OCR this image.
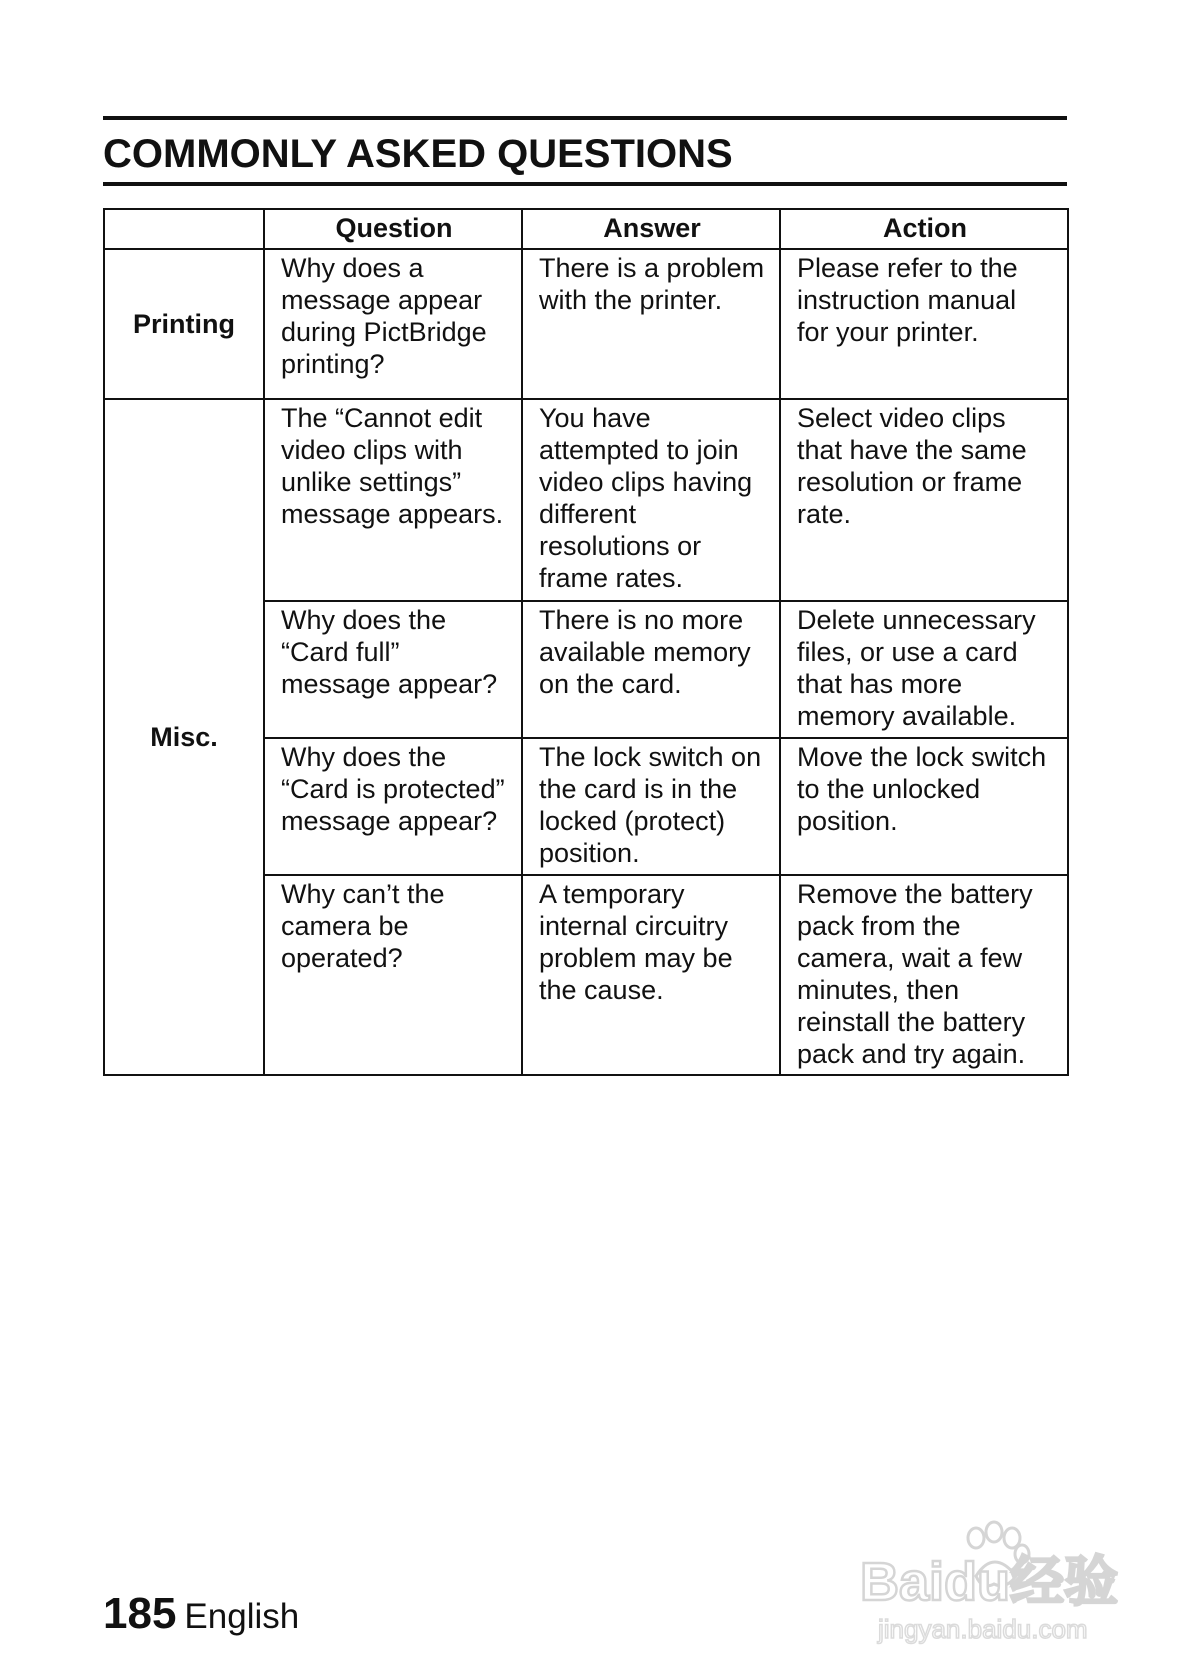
COMMONLY ASKED QUESTIONS
	Question	Answer	Action
Printing	Why does a message appear during PictBridge printing?	There is a problem with the printer.	Please refer to the instruction manual for your printer.
Misc.	The “Cannot edit video clips with unlike settings” message appears.	You have attempted to join video clips having different resolutions or frame rates.	Select video clips that have the same resolution or frame rate.
	Why does the “Card full” message appear?	There is no more available memory on the card.	Delete unnecessary files, or use a card that has more memory available.
	Why does the “Card is protected” message appear?	The lock switch on the card is in the locked (protect) position.	Move the lock switch to the unlocked position.
	Why can’t the camera be operated?	A temporary internal circuitry problem may be the cause.	Remove the battery pack from the camera, wait a few minutes, then reinstall the battery pack and try again.
185 English
Baidu经验
jingyan.baidu.com
